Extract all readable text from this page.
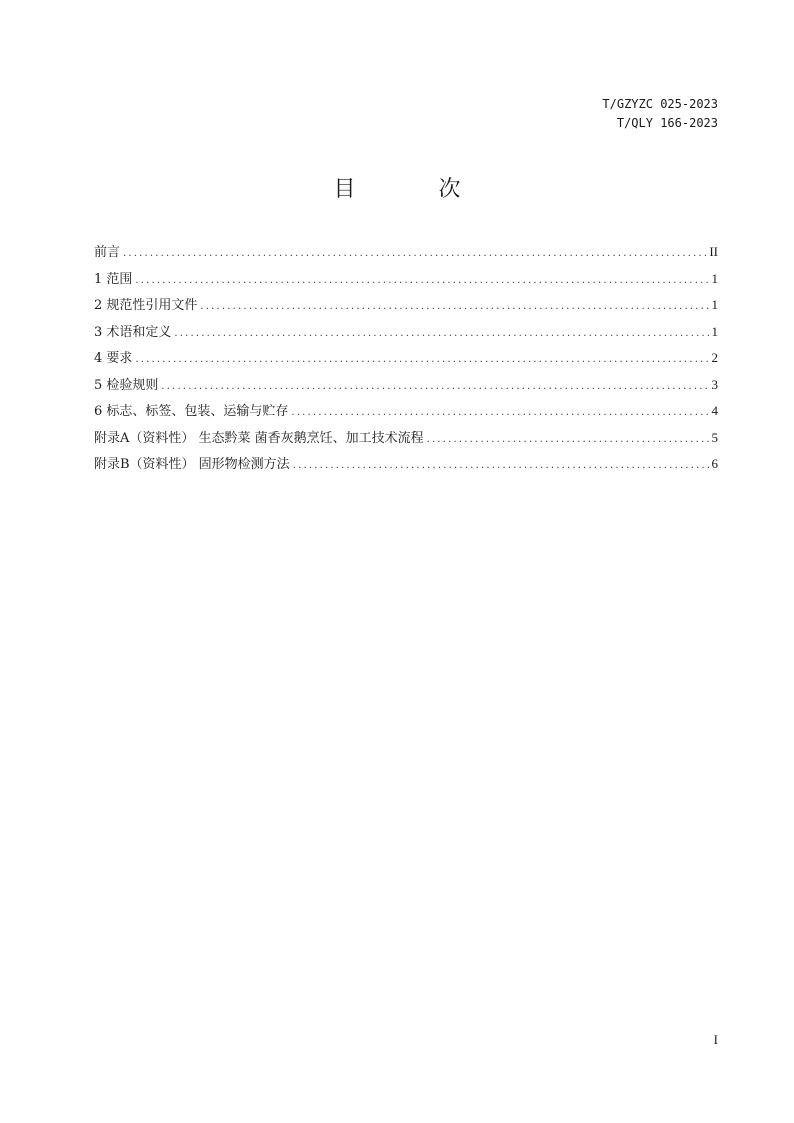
T/GZYZC 025-2023
T/QLY 166-2023
目 次
前言 .....	II
1 范围 .....	1
2 规范性引用文件 .....	1
3 术语和定义 .....	1
4 要求 .....	2
5 检验规则 .....	3
6 标志、标签、包装、运输与贮存 .....	4
附录A（资料性） 生态黔菜 菌香灰鹅烹饪、加工技术流程 .....	5
附录B（资料性） 固形物检测方法 .....	6
I
